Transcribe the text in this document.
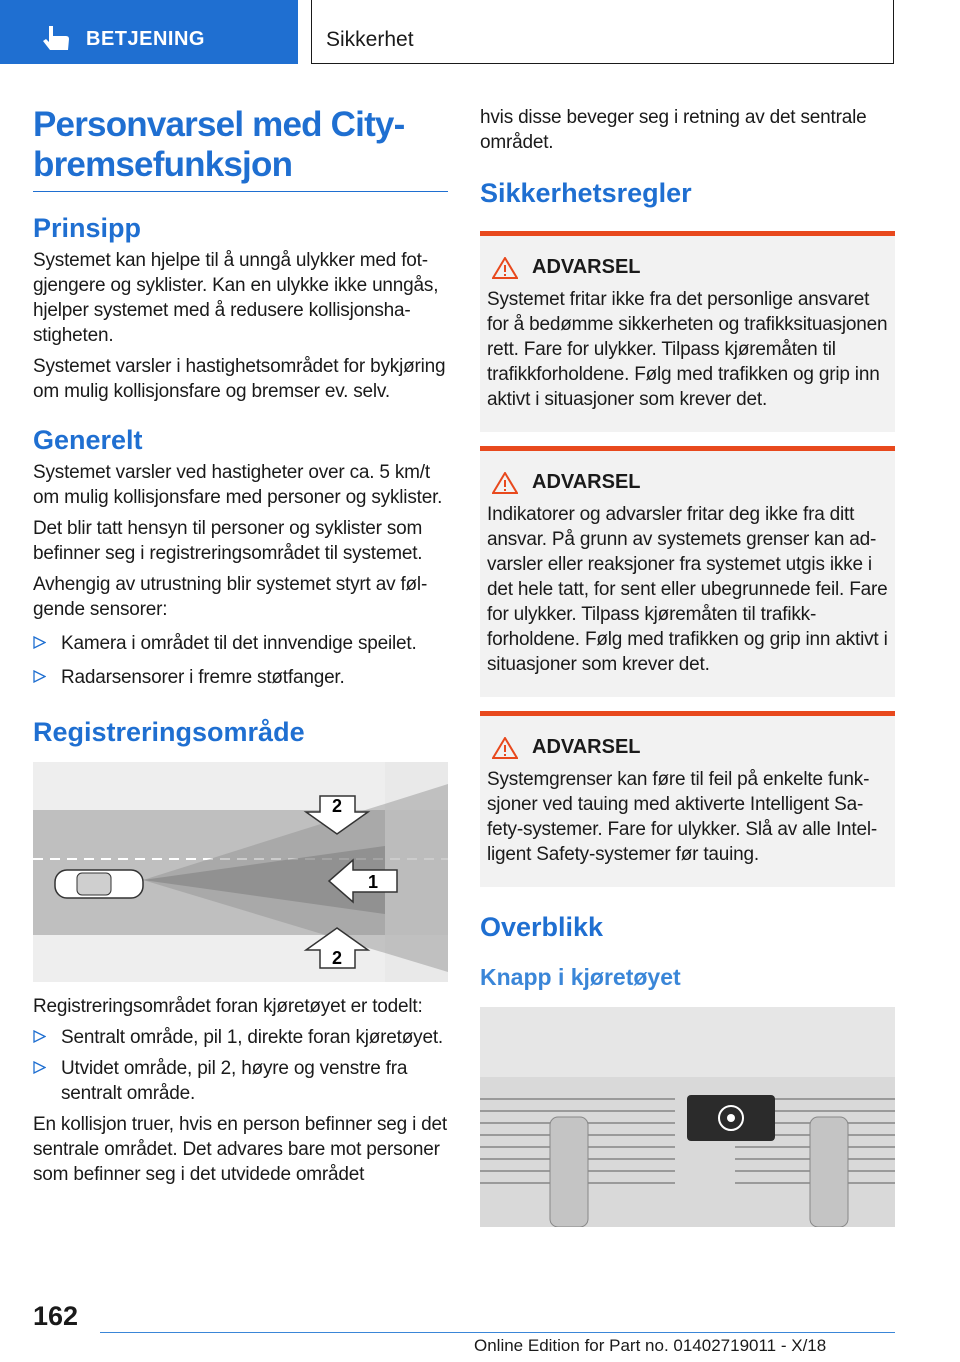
BETJENING	Sikkerhet
Personvarsel med City-bremsefunksjon
Prinsipp

Systemet kan hjelpe til å unngå ulykker med fotgjengere og syklister. Kan en ulykke ikke unngås, hjelper systemet med å redusere kollisjonshastigheten.

Systemet varsler i hastighetsområdet for bykjøring om mulig kollisjonsfare og bremser ev. selv.

Generelt

Systemet varsler ved hastigheter over ca. 5 km/t om mulig kollisjonsfare med personer og syklister.

Det blir tatt hensyn til personer og syklister som befinner seg i registreringsområdet til systemet.

Avhengig av utrustning blir systemet styrt av følgende sensorer:

Kamera i området til det innvendige speilet.
Radarsensorer i fremre støtfanger.
Registreringsområde
2
1
2

Registreringsområdet foran kjøretøyet er todelt:

Sentralt område, pil 1, direkte foran kjøretøyet.
Utvidet område, pil 2, høyre og venstre fra sentralt område.

En kollisjon truer, hvis en person befinner seg i det sentrale området. Det advares bare mot personer som befinner seg i det utvidede området

hvis disse beveger seg i retning av det sentrale området.

Sikkerhetsregler
ADVARSEL

Systemet fritar ikke fra det personlige ansvaret for å bedømme sikkerheten og trafikksituasjonen rett. Fare for ulykker. Tilpass kjøremåten til trafikkforholdene. Følg med trafikken og grip inn aktivt i situasjoner som krever det.

ADVARSEL

Indikatorer og advarsler fritar deg ikke fra ditt ansvar. På grunn av systemets grenser kan advarsler eller reaksjoner fra systemet utgis ikke i det hele tatt, for sent eller ubegrunnede feil. Fare for ulykker. Tilpass kjøremåten til trafikkforholdene. Følg med trafikken og grip inn aktivt i situasjoner som krever det.

ADVARSEL

Systemgrenser kan føre til feil på enkelte funksjoner ved tauing med aktiverte Intelligent Safety-systemer. Fare for ulykker. Slå av alle Intelligent Safety-systemer før tauing.

Overblikk
Knapp i kjøretøyet
162
Online Edition for Part no. 01402719011 - X/18
